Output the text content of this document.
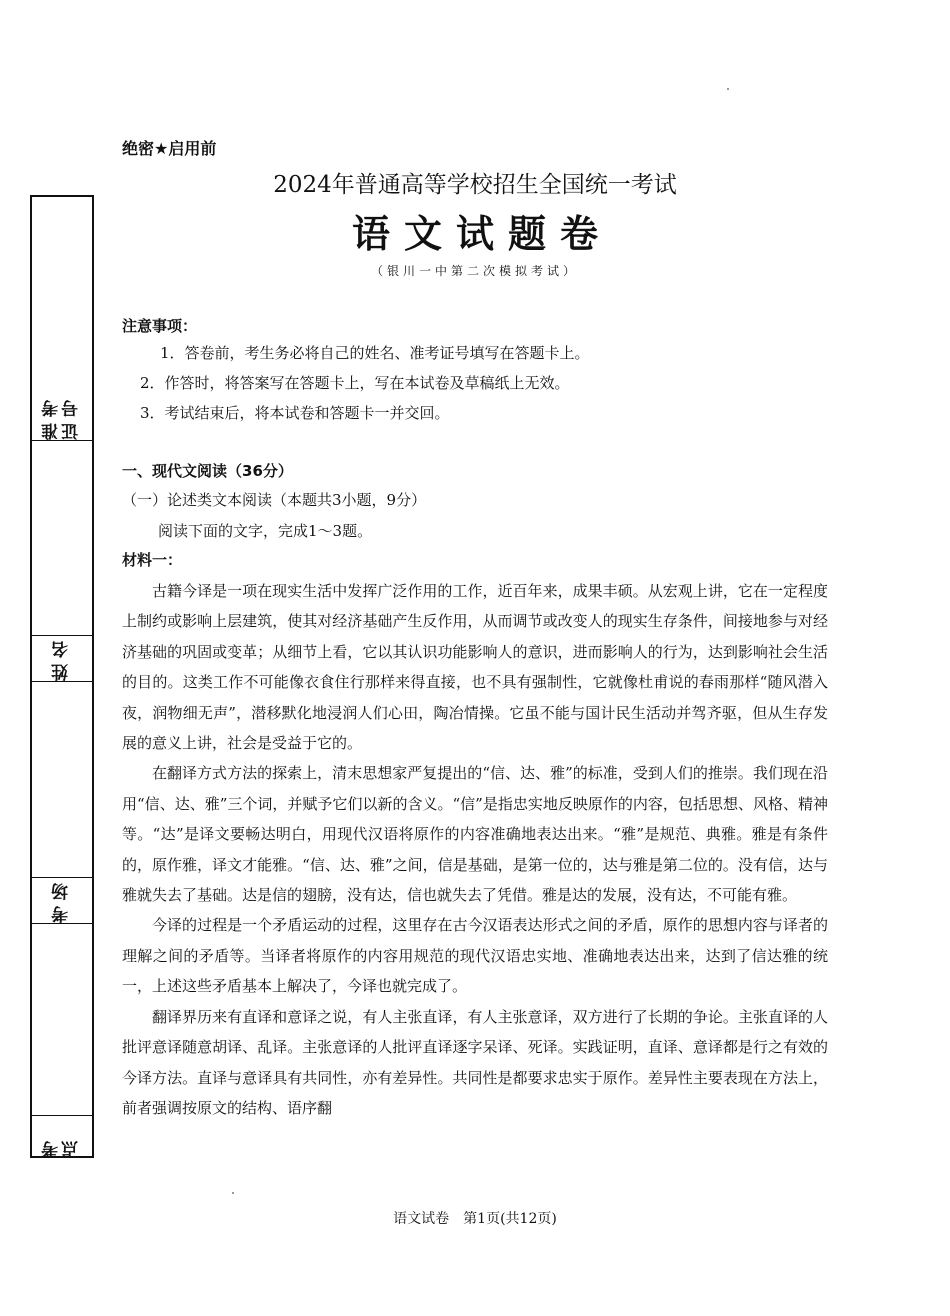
绝密★启用前
2024年普通高等学校招生全国统一考试
语文试题卷
（银川一中第二次模拟考试）
准考证号
姓名
考场
考点
注意事项：
1．答卷前，考生务必将自己的姓名、准考证号填写在答题卡上。
2．作答时，将答案写在答题卡上，写在本试卷及草稿纸上无效。
3．考试结束后，将本试卷和答题卡一并交回。
一、现代文阅读（36分）
（一）论述类文本阅读（本题共3小题，9分）
阅读下面的文字，完成1～3题。
材料一：

古籍今译是一项在现实生活中发挥广泛作用的工作，近百年来，成果丰硕。从宏观上讲，它在一定程度上制约或影响上层建筑，使其对经济基础产生反作用，从而调节或改变人的现实生存条件，间接地参与对经济基础的巩固或变革；从细节上看，它以其认识功能影响人的意识，进而影响人的行为，达到影响社会生活的目的。这类工作不可能像衣食住行那样来得直接，也不具有强制性，它就像杜甫说的春雨那样“随风潜入夜，润物细无声”，潜移默化地浸润人们心田，陶冶情操。它虽不能与国计民生活动并驾齐驱，但从生存发展的意义上讲，社会是受益于它的。

在翻译方式方法的探索上，清末思想家严复提出的“信、达、雅”的标准，受到人们的推崇。我们现在沿用“信、达、雅”三个词，并赋予它们以新的含义。“信”是指忠实地反映原作的内容，包括思想、风格、精神等。“达”是译文要畅达明白，用现代汉语将原作的内容准确地表达出来。“雅”是规范、典雅。雅是有条件的，原作雅，译文才能雅。“信、达、雅”之间，信是基础，是第一位的，达与雅是第二位的。没有信，达与雅就失去了基础。达是信的翅膀，没有达，信也就失去了凭借。雅是达的发展，没有达，不可能有雅。

今译的过程是一个矛盾运动的过程，这里存在古今汉语表达形式之间的矛盾，原作的思想内容与译者的理解之间的矛盾等。当译者将原作的内容用规范的现代汉语忠实地、准确地表达出来，达到了信达雅的统一，上述这些矛盾基本上解决了，今译也就完成了。

翻译界历来有直译和意译之说，有人主张直译，有人主张意译，双方进行了长期的争论。主张直译的人批评意译随意胡译、乱译。主张意译的人批评直译逐字呆译、死译。实践证明，直译、意译都是行之有效的今译方法。直译与意译具有共同性，亦有差异性。共同性是都要求忠实于原作。差异性主要表现在方法上，前者强调按原文的结构、语序翻

语文试卷　第1页(共12页)
